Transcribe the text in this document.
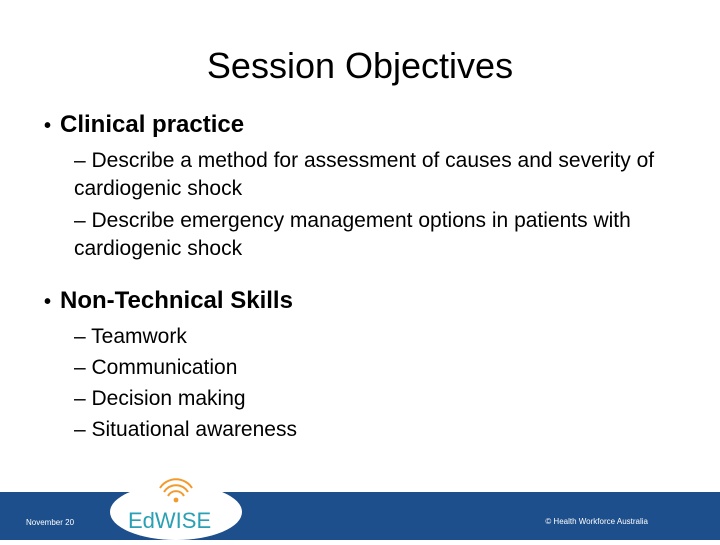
Session Objectives
• Clinical practice
– Describe a method for assessment of causes and severity of cardiogenic shock
– Describe emergency management options in patients with cardiogenic shock
• Non-Technical Skills
– Teamwork
– Communication
– Decision making
– Situational awareness
November 20	© Health Workforce Australia
EdWISE
